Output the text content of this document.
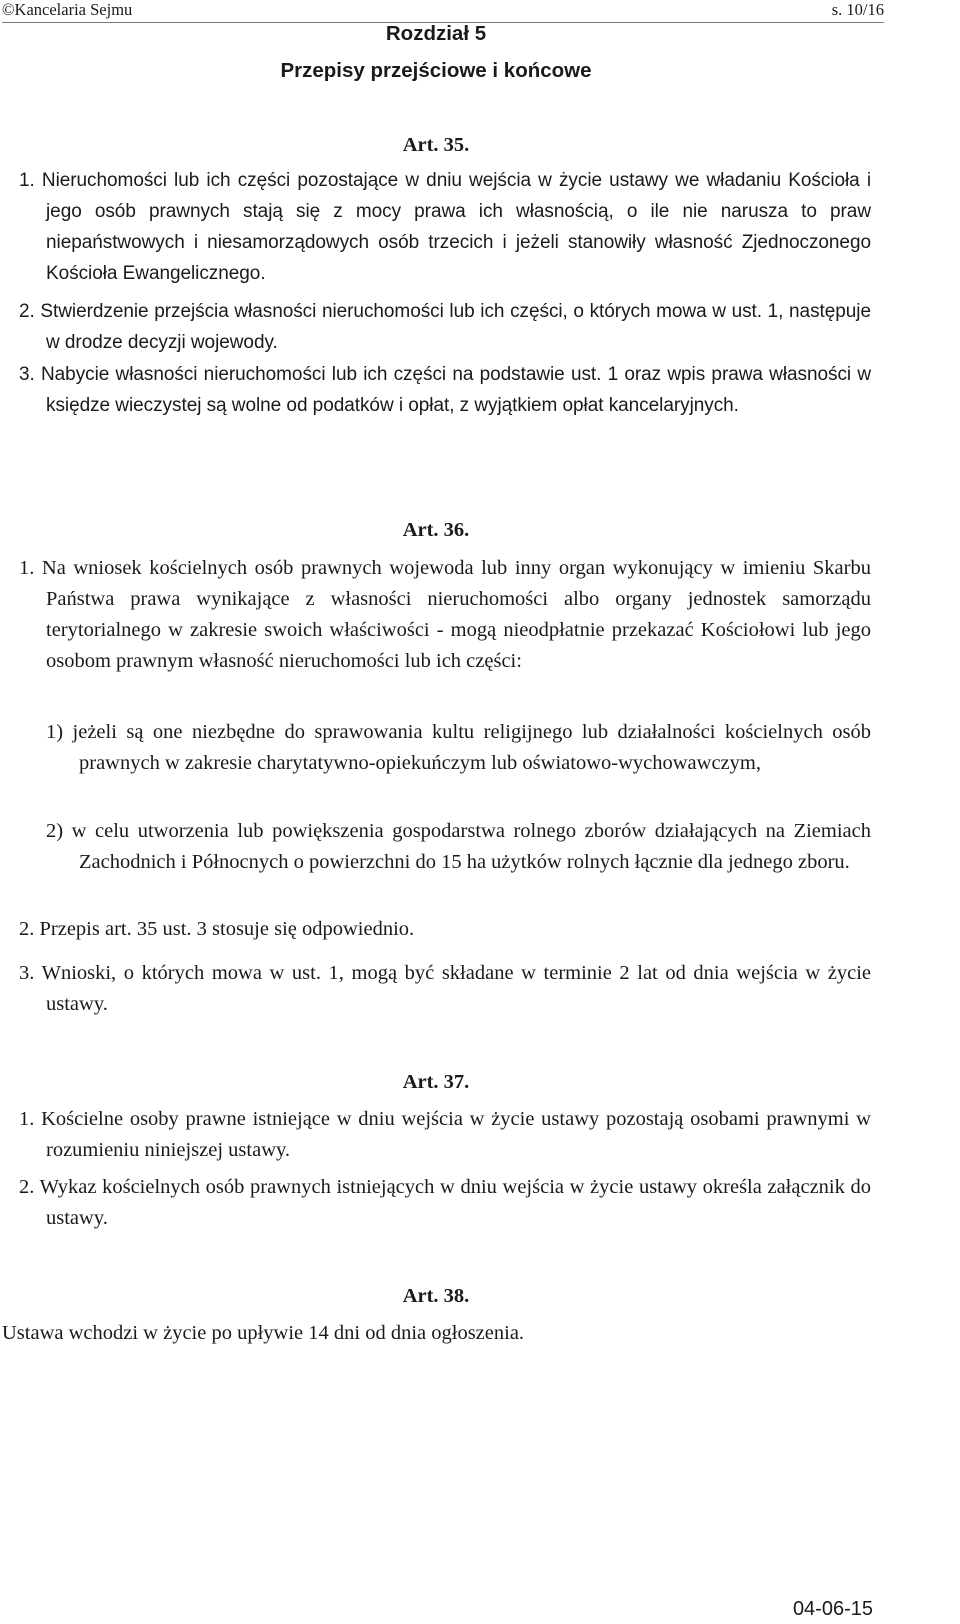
©Kancelaria Sejmu	s. 10/16
Rozdział 5
Przepisy przejściowe i końcowe
Art. 35.
1. Nieruchomości lub ich części pozostające w dniu wejścia w życie ustawy we władaniu Kościoła i jego osób prawnych stają się z mocy prawa ich własnością, o ile nie narusza to praw niepaństwowych i niesamorządowych osób trzecich i jeżeli stanowiły własność Zjednoczonego Kościoła Ewangelicznego.
2. Stwierdzenie przejścia własności nieruchomości lub ich części, o których mowa w ust. 1, następuje w drodze decyzji wojewody.
3. Nabycie własności nieruchomości lub ich części na podstawie ust. 1 oraz wpis prawa własności w księdze wieczystej są wolne od podatków i opłat, z wyjątkiem opłat kancelaryjnych.
Art. 36.
1. Na wniosek kościelnych osób prawnych wojewoda lub inny organ wykonujący w imieniu Skarbu Państwa prawa wynikające z własności nieruchomości albo organy jednostek samorządu terytorialnego w zakresie swoich właściwości - mogą nieodpłatnie przekazać Kościołowi lub jego osobom prawnym własność nieruchomości lub ich części:
1) jeżeli są one niezbędne do sprawowania kultu religijnego lub działalności kościelnych osób prawnych w zakresie charytatywno-opiekuńczym lub oświatowo-wychowawczym,
2) w celu utworzenia lub powiększenia gospodarstwa rolnego zborów działających na Ziemiach Zachodnich i Północnych o powierzchni do 15 ha użytków rolnych łącznie dla jednego zboru.
2. Przepis art. 35 ust. 3 stosuje się odpowiednio.
3. Wnioski, o których mowa w ust. 1, mogą być składane w terminie 2 lat od dnia wejścia w życie ustawy.
Art. 37.
1. Kościelne osoby prawne istniejące w dniu wejścia w życie ustawy pozostają osobami prawnymi w rozumieniu niniejszej ustawy.
2. Wykaz kościelnych osób prawnych istniejących w dniu wejścia w życie ustawy określa załącznik do ustawy.
Art. 38.
Ustawa wchodzi w życie po upływie 14 dni od dnia ogłoszenia.
04-06-15
